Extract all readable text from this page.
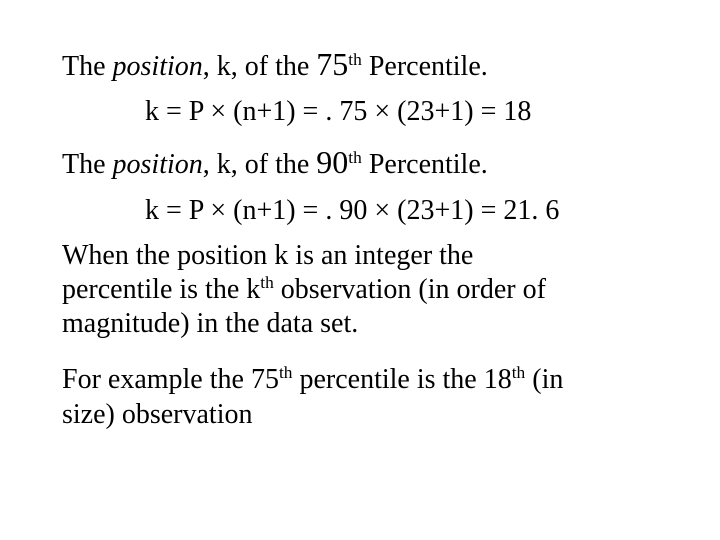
The position, k, of the 75th Percentile.
k = P × (n+1) = . 75 × (23+1) = 18
The position, k, of the 90th Percentile.
k = P × (n+1) = . 90 × (23+1) = 21. 6
When the position k is an integer the
percentile is the $k^{th}$ observation (in order of
magnitude) in the data set.
For example the 75th percentile is the 18th (in
size) observation
